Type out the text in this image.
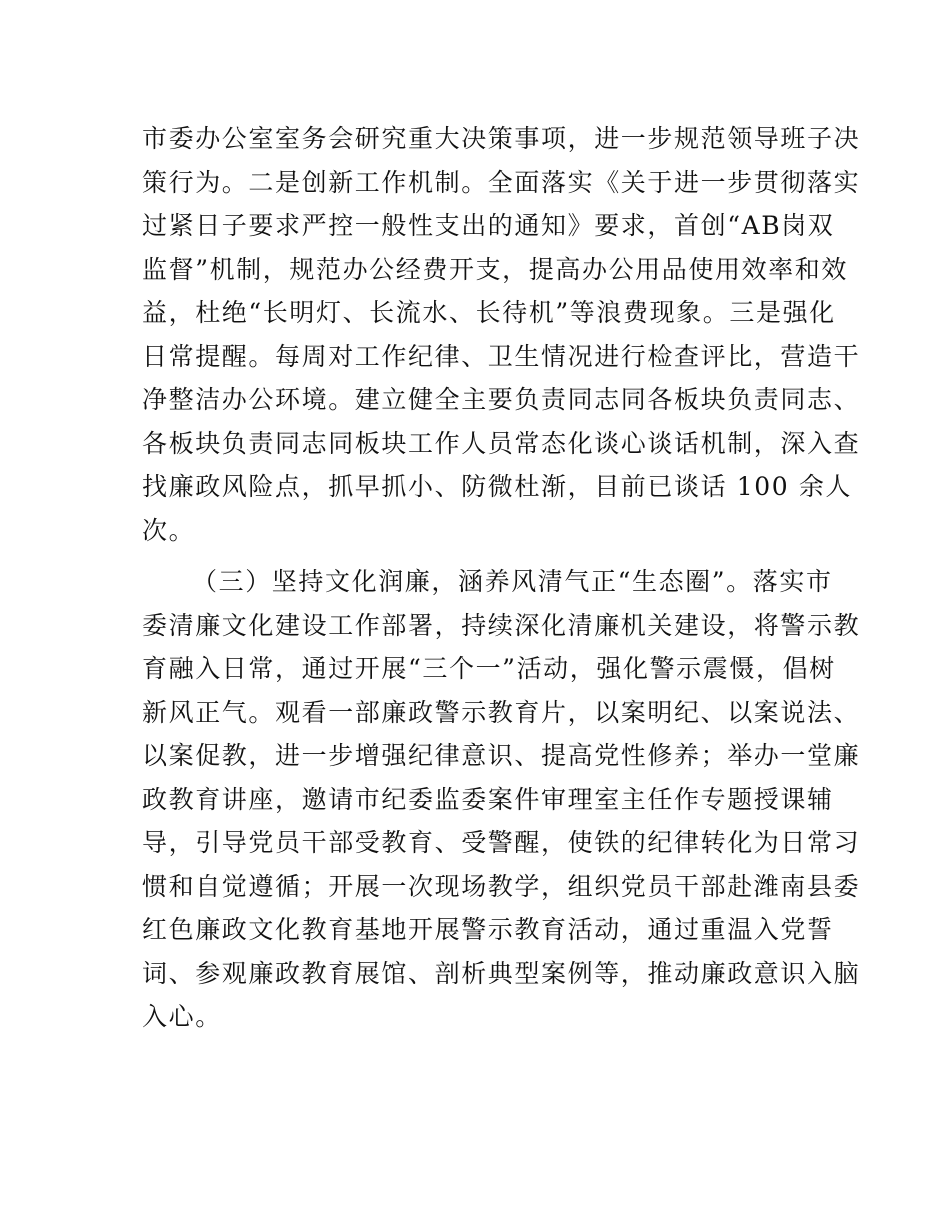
市委办公室室务会研究重大决策事项，进一步规范领导班子决
策行为。二是创新工作机制。全面落实《关于进一步贯彻落实
过紧日子要求严控一般性支出的通知》要求，首创“AB岗双
监督”机制，规范办公经费开支，提高办公用品使用效率和效
益，杜绝“长明灯、长流水、长待机”等浪费现象。三是强化
日常提醒。每周对工作纪律、卫生情况进行检查评比，营造干
净整洁办公环境。建立健全主要负责同志同各板块负责同志、
各板块负责同志同板块工作人员常态化谈心谈话机制，深入查
找廉政风险点，抓早抓小、防微杜渐，目前已谈话 100 余人
次。
（三）坚持文化润廉，涵养风清气正“生态圈”。落实市
委清廉文化建设工作部署，持续深化清廉机关建设，将警示教
育融入日常，通过开展“三个一”活动，强化警示震慑，倡树
新风正气。观看一部廉政警示教育片，以案明纪、以案说法、
以案促教，进一步增强纪律意识、提高党性修养；举办一堂廉
政教育讲座，邀请市纪委监委案件审理室主任作专题授课辅
导，引导党员干部受教育、受警醒，使铁的纪律转化为日常习
惯和自觉遵循；开展一次现场教学，组织党员干部赴潍南县委
红色廉政文化教育基地开展警示教育活动，通过重温入党誓
词、参观廉政教育展馆、剖析典型案例等，推动廉政意识入脑
入心。
